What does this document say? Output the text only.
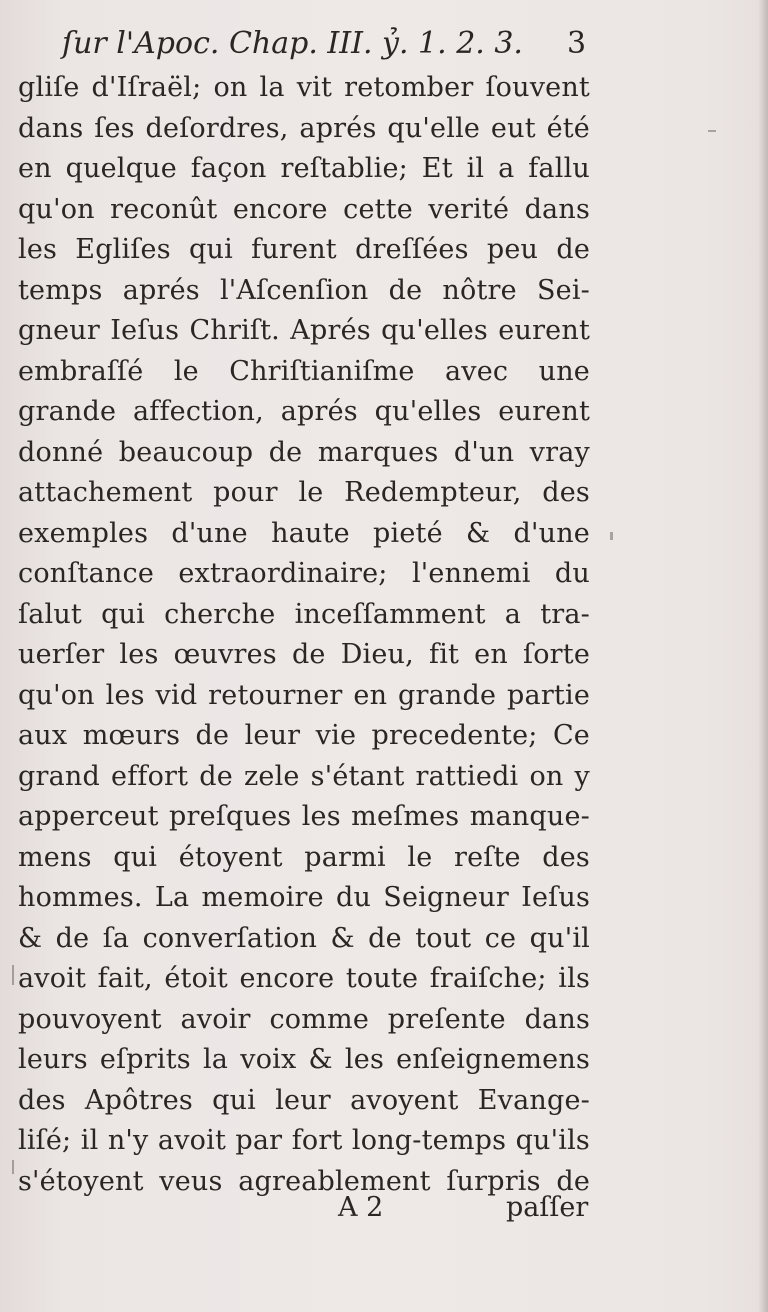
ſur l'Apoc. Chap. III. ỷ. 1. 2. 3. 3
gliſe d'Iſraël; on la vit retomber ſouvent
dans ſes deſordres, aprés qu'elle eut été
en quelque façon reſtablie; Et il a fallu
qu'on reconût encore cette verité dans
les Egliſes qui furent dreſſées peu de
temps aprés l'Aſcenſion de nôtre Sei-
gneur Ieſus Chriſt. Aprés qu'elles eurent
embraſſé le Chriſtianiſme avec une
grande affection, aprés qu'elles eurent
donné beaucoup de marques d'un vray
attachement pour le Redempteur, des
exemples d'une haute pieté & d'une
conſtance extraordinaire; l'ennemi du
ſalut qui cherche inceſſamment a tra-
uerſer les œuvres de Dieu, fit en ſorte
qu'on les vid retourner en grande partie
aux mœurs de leur vie precedente; Ce
grand effort de zele s'étant rattiedi on y
apperceut preſques les meſmes manque-
mens qui étoyent parmi le reſte des
hommes. La memoire du Seigneur Ieſus
& de ſa converſation & de tout ce qu'il
avoit fait, étoit encore toute fraiſche; ils
pouvoyent avoir comme preſente dans
leurs eſprits la voix & les enſeignemens
des Apôtres qui leur avoyent Evange-
liſé; il n'y avoit par fort long-temps qu'ils
s'étoyent veus agreablement ſurpris de
A 2	paſſer
